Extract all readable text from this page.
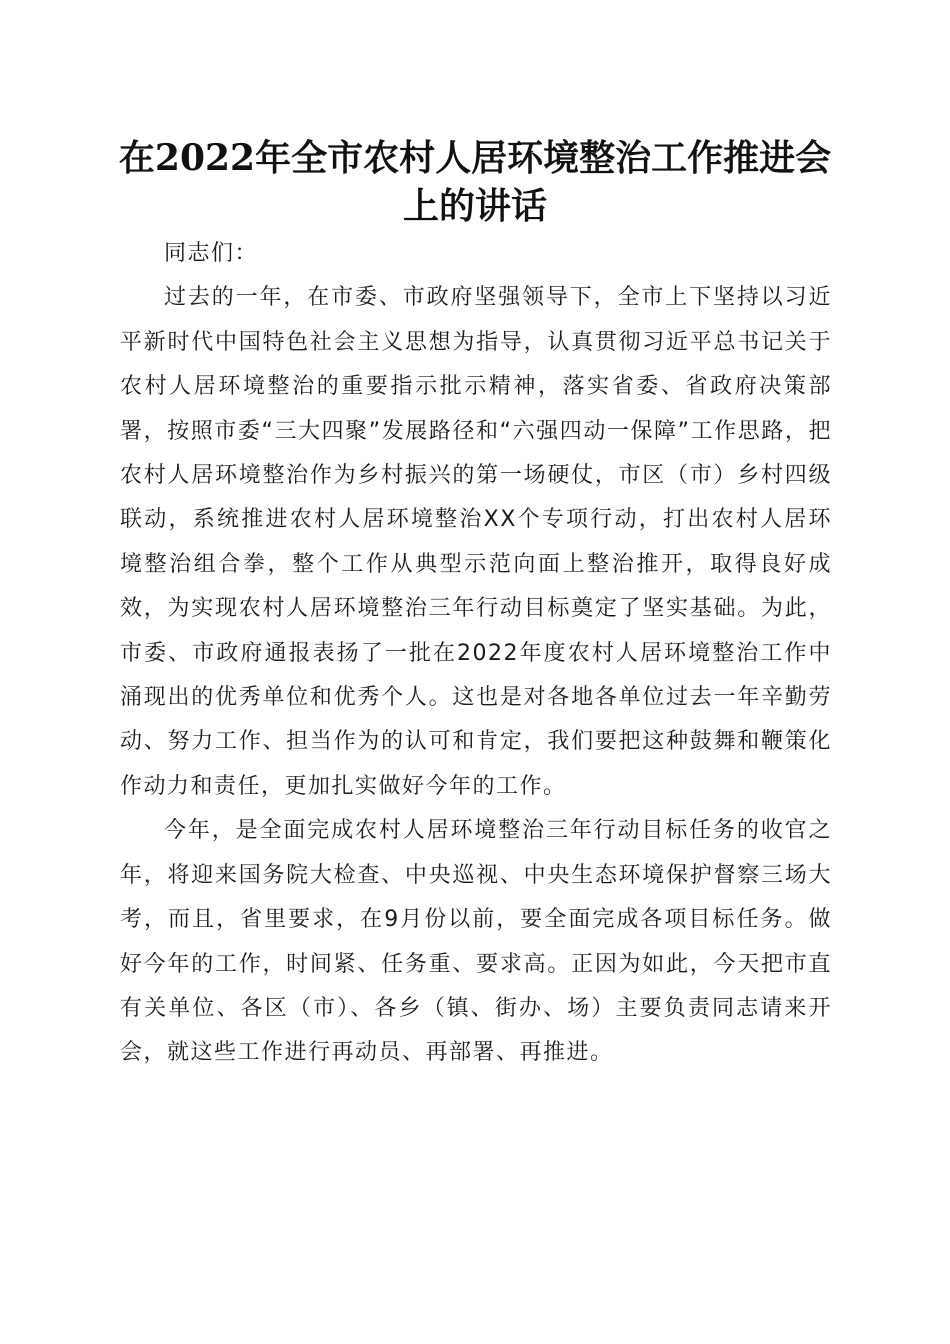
在2022年全市农村人居环境整治工作推进会
上的讲话

同志们：

过去的一年，在市委、市政府坚强领导下，全市上下坚持以习近平新时代中国特色社会主义思想为指导，认真贯彻习近平总书记关于农村人居环境整治的重要指示批示精神，落实省委、省政府决策部署，按照市委“三大四聚”发展路径和“六强四动一保障”工作思路，把农村人居环境整治作为乡村振兴的第一场硬仗，市区（市）乡村四级联动，系统推进农村人居环境整治XX个专项行动，打出农村人居环境整治组合拳，整个工作从典型示范向面上整治推开，取得良好成效，为实现农村人居环境整治三年行动目标奠定了坚实基础。为此，市委、市政府通报表扬了一批在2022年度农村人居环境整治工作中涌现出的优秀单位和优秀个人。这也是对各地各单位过去一年辛勤劳动、努力工作、担当作为的认可和肯定，我们要把这种鼓舞和鞭策化作动力和责任，更加扎实做好今年的工作。

今年，是全面完成农村人居环境整治三年行动目标任务的收官之年，将迎来国务院大检查、中央巡视、中央生态环境保护督察三场大考，而且，省里要求，在9月份以前，要全面完成各项目标任务。做好今年的工作，时间紧、任务重、要求高。正因为如此，今天把市直有关单位、各区（市）、各乡（镇、街办、场）主要负责同志请来开会，就这些工作进行再动员、再部署、再推进。
